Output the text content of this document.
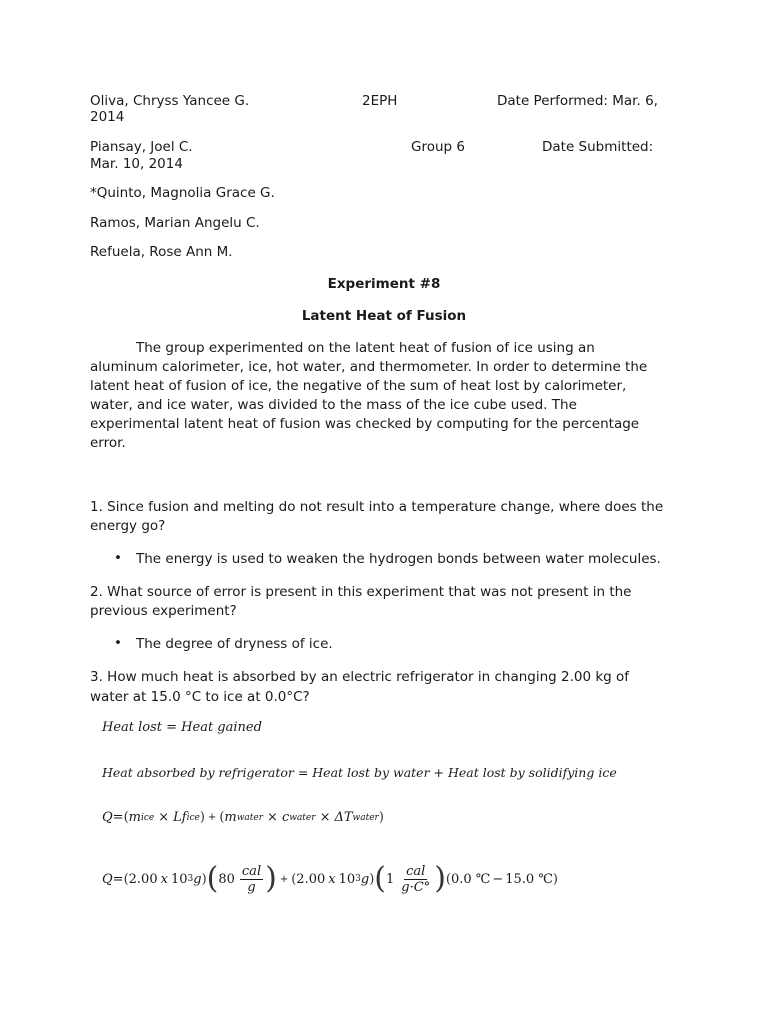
Oliva, Chryss Yancee G.	2EPH	Date Performed: Mar. 6,
2014
Piansay, Joel C.	Group 6	Date Submitted:
Mar. 10, 2014
*Quinto, Magnolia Grace G.
Ramos, Marian Angelu C.
Refuela, Rose Ann M.
Experiment #8
Latent Heat of Fusion
The group experimented on the latent heat of fusion of ice using an aluminum calorimeter, ice, hot water, and thermometer. In order to determine the latent heat of fusion of ice, the negative of the sum of heat lost by calorimeter, water, and ice water, was divided to the mass of the ice cube used. The experimental latent heat of fusion was checked by computing for the percentage error.
1. Since fusion and melting do not result into a temperature change, where does the
energy go?
• The energy is used to weaken the hydrogen bonds between water molecules.
2. What source of error is present in this experiment that was not present in the
previous experiment?
• The degree of dryness of ice.
3. How much heat is absorbed by an electric refrigerator in changing 2.00 kg of
water at 15.0 °C to ice at 0.0°C?
Heat lost = Heat gained
Heat absorbed by refrigerator = Heat lost by water + Heat lost by solidifying ice
Q = ( m ice × Lf ice ) + ( m water × c water × ΔT water )
Q = ( 2.00 x 10 3 g ) ( $80 \frac{\text{cal}}{g}$ ) + ( 2.00 x 10 3 g ) ( $1 \frac{\text{cal}}{g\cdot C^\circ}$ ) ( 0.0 ℃ − 15.0 ℃ )
